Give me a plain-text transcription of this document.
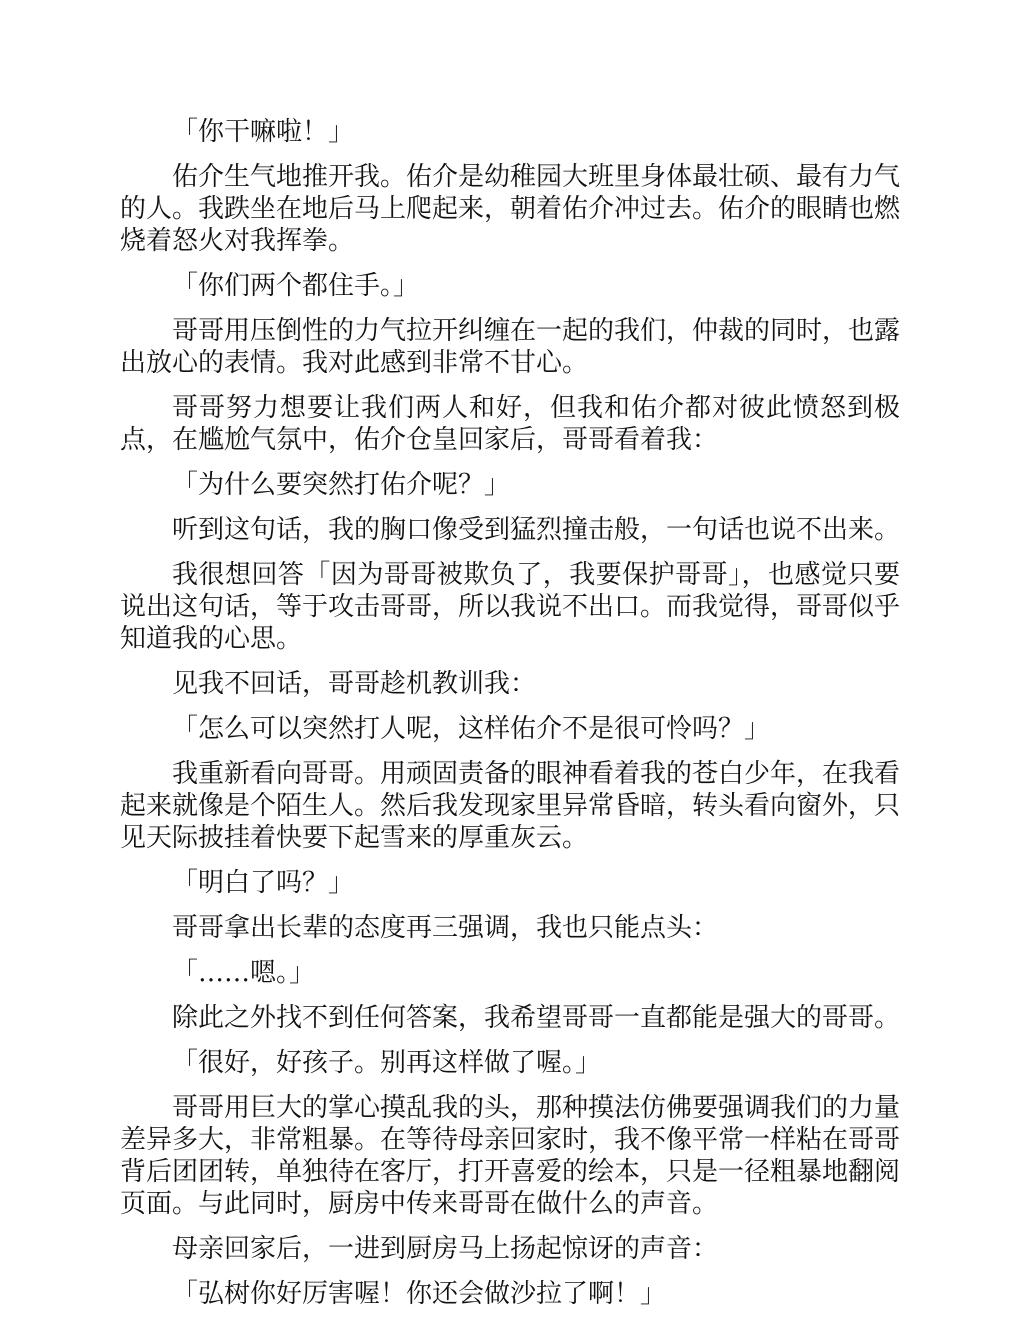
「你干嘛啦！」

佑介生气地推开我。佑介是幼稚园大班里身体最壮硕、最有力气的人。我跌坐在地后马上爬起来，朝着佑介冲过去。佑介的眼睛也燃烧着怒火对我挥拳。

「你们两个都住手。」

哥哥用压倒性的力气拉开纠缠在一起的我们，仲裁的同时，也露出放心的表情。我对此感到非常不甘心。

哥哥努力想要让我们两人和好，但我和佑介都对彼此愤怒到极点，在尴尬气氛中，佑介仓皇回家后，哥哥看着我：

「为什么要突然打佑介呢？」

听到这句话，我的胸口像受到猛烈撞击般，一句话也说不出来。

我很想回答「因为哥哥被欺负了，我要保护哥哥」，也感觉只要说出这句话，等于攻击哥哥，所以我说不出口。而我觉得，哥哥似乎知道我的心思。

见我不回话，哥哥趁机教训我：

「怎么可以突然打人呢，这样佑介不是很可怜吗？」

我重新看向哥哥。用顽固责备的眼神看着我的苍白少年，在我看起来就像是个陌生人。然后我发现家里异常昏暗，转头看向窗外，只见天际披挂着快要下起雪来的厚重灰云。

「明白了吗？」

哥哥拿出长辈的态度再三强调，我也只能点头：

「……嗯。」

除此之外找不到任何答案，我希望哥哥一直都能是强大的哥哥。

「很好，好孩子。别再这样做了喔。」

哥哥用巨大的掌心摸乱我的头，那种摸法仿佛要强调我们的力量差异多大，非常粗暴。在等待母亲回家时，我不像平常一样粘在哥哥背后团团转，单独待在客厅，打开喜爱的绘本，只是一径粗暴地翻阅页面。与此同时，厨房中传来哥哥在做什么的声音。

母亲回家后，一进到厨房马上扬起惊讶的声音：

「弘树你好厉害喔！你还会做沙拉了啊！」
